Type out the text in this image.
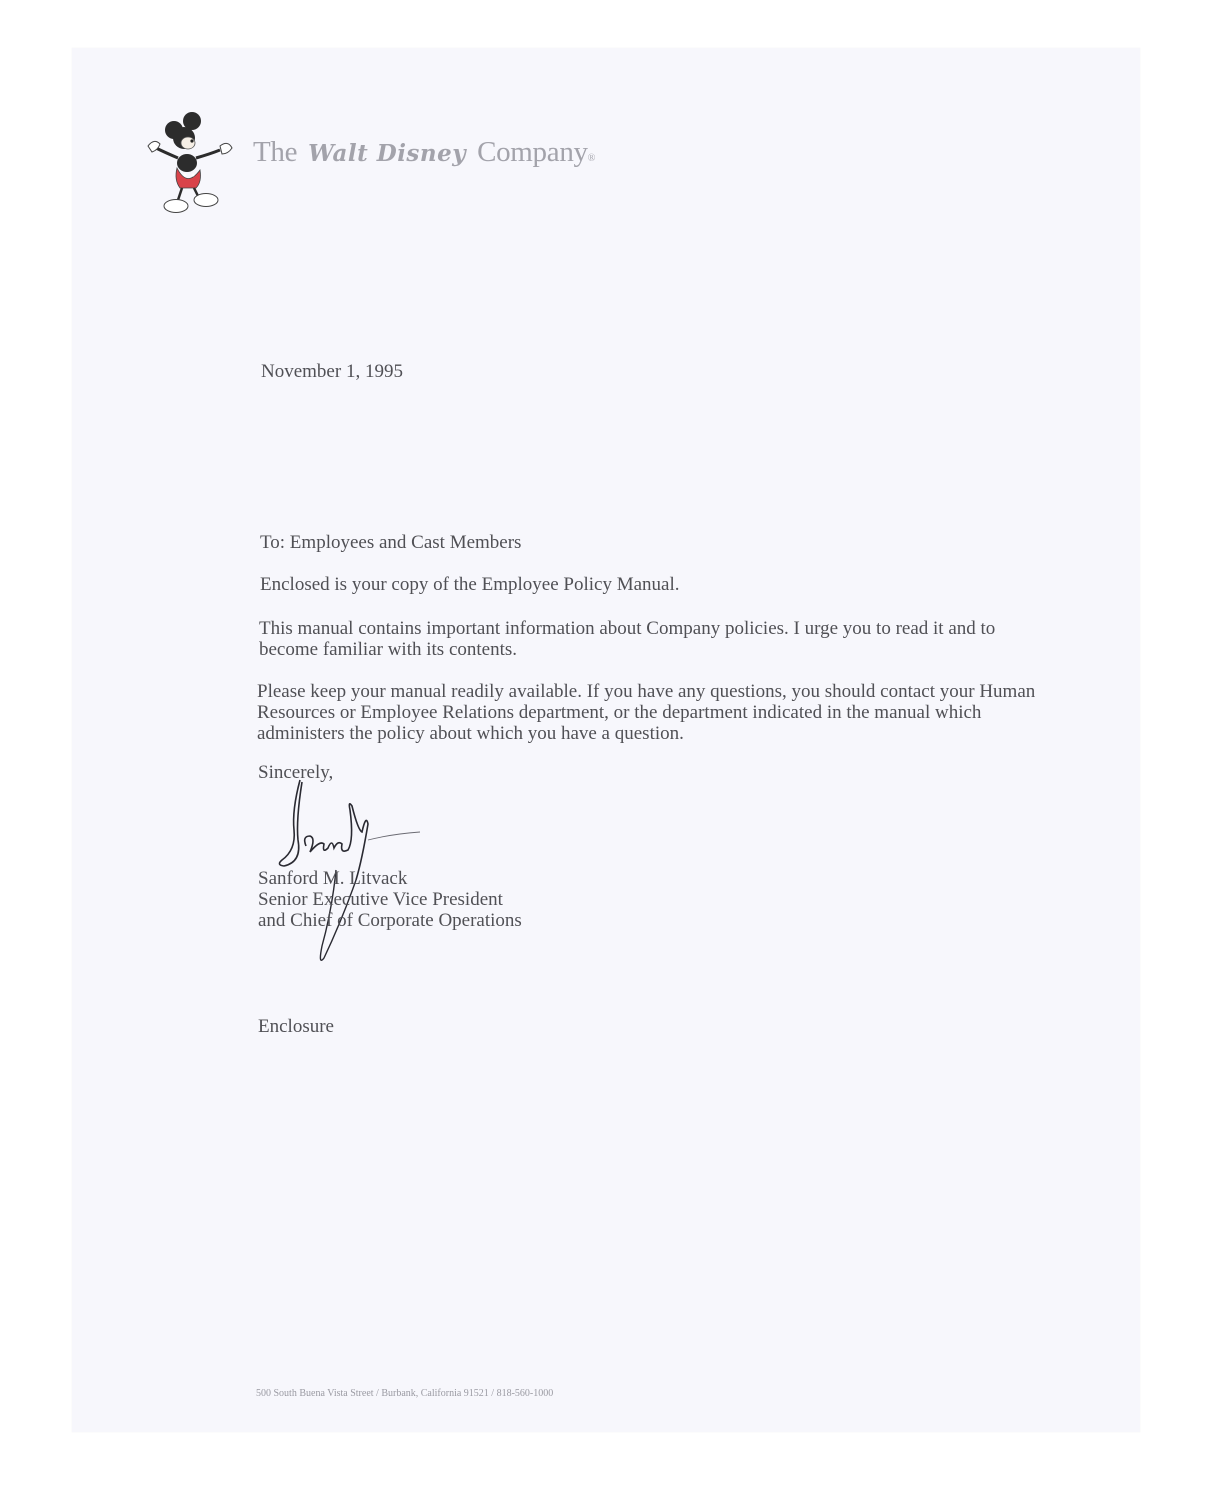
The Walt Disney Company®
November 1, 1995
To: Employees and Cast Members
Enclosed is your copy of the Employee Policy Manual.
This manual contains important information about Company policies. I urge you to read it and to become familiar with its contents.
Please keep your manual readily available. If you have any questions, you should contact your Human Resources or Employee Relations department, or the department indicated in the manual which administers the policy about which you have a question.
Sincerely,
Sanford M. Litvack
Senior Executive Vice President
and Chief of Corporate Operations
Enclosure
500 South Buena Vista Street / Burbank, California 91521 / 818-560-1000
